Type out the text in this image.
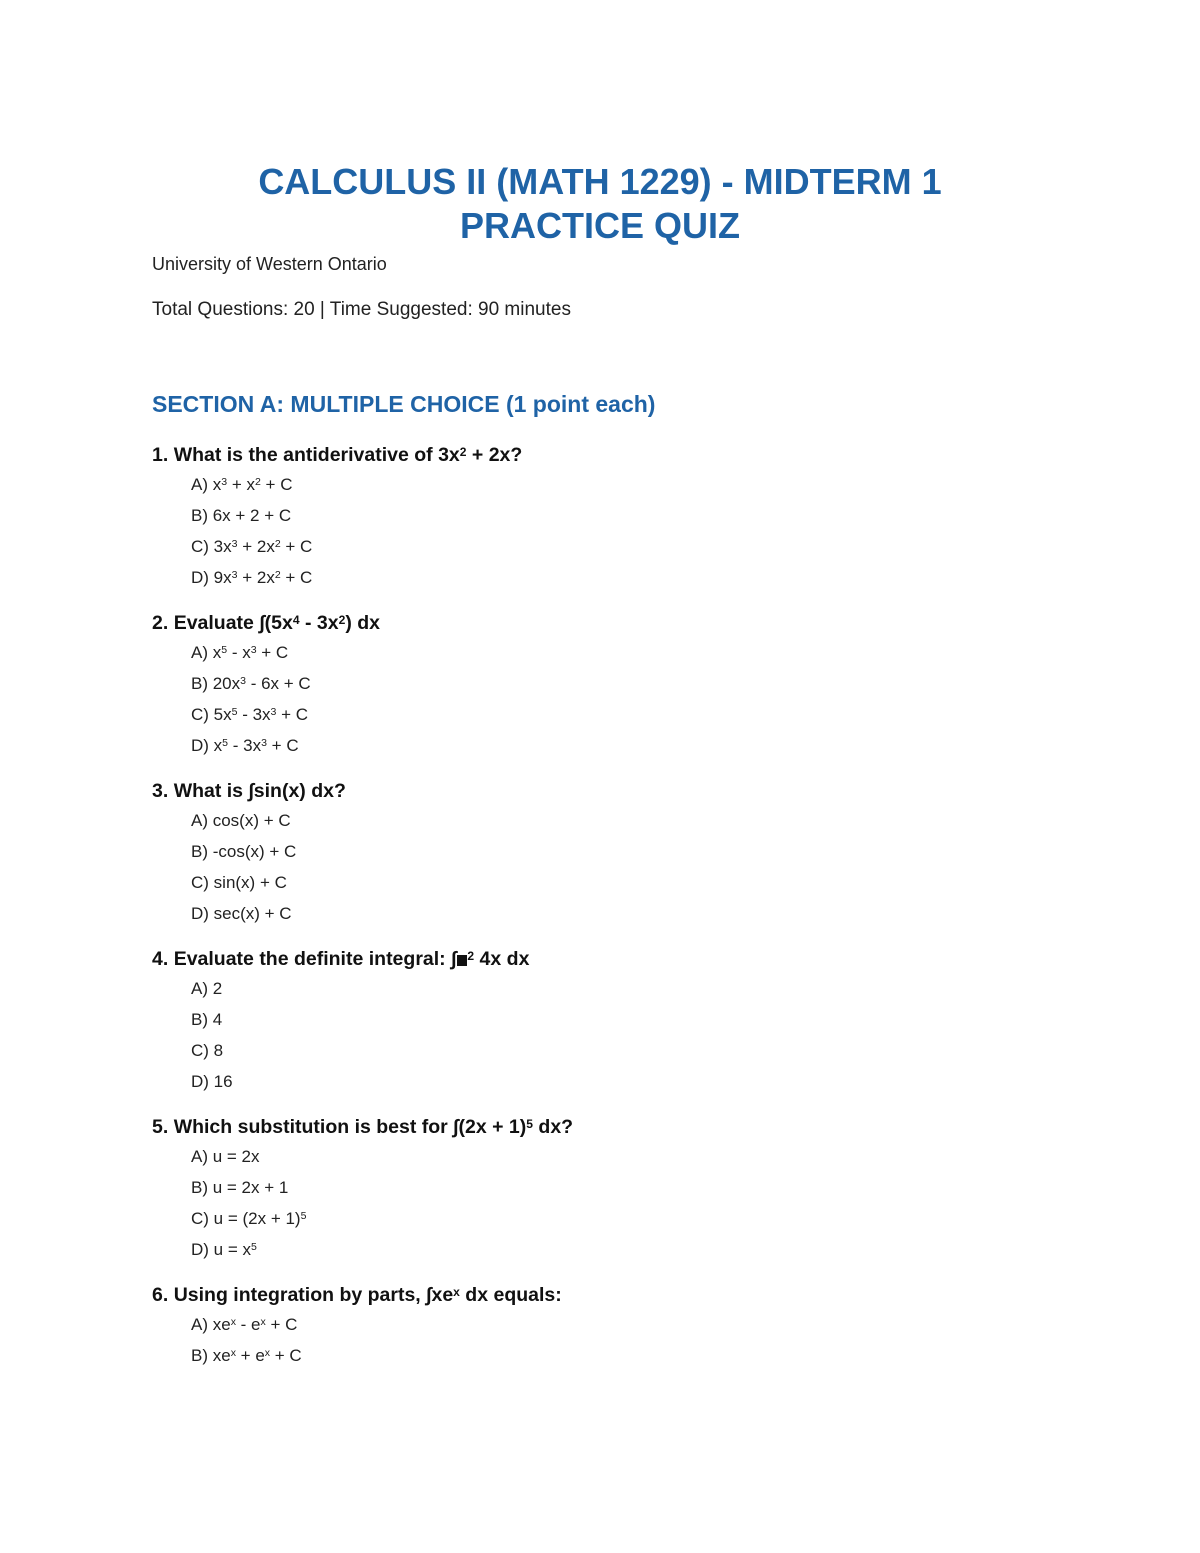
CALCULUS II (MATH 1229) - MIDTERM 1
PRACTICE QUIZ

University of Western Ontario

Total Questions: 20 | Time Suggested: 90 minutes

SECTION A: MULTIPLE CHOICE (1 point each)

1. What is the antiderivative of $3x^2 + 2x$?

A) $x^3 + x^2 + C$
B) 6x + 2 + C
C) $3x^3 + 2x^2 + C$
D) $9x^3 + 2x^2 + C$

2. Evaluate $\int(5x^4 - 3x^2)$ dx

A) $x^5 - x^3 + C$
B) $20x^3 - 6x + C$
C) $5x^5 - 3x^3 + C$
D) $x^5 - 3x^3 + C$

3. What is ∫sin(x) dx?

A) cos(x) + C
B) -cos(x) + C
C) sin(x) + C
D) sec(x) + C

4. Evaluate the definite integral: ∫ $^2$ 4x dx

A) 2
B) 4
C) 8
D) 16

5. Which substitution is best for $\int(2x + 1)^5$ dx?

A) u = 2x
B) u = 2x + 1
C) $u = (2x + 1)^5$
D) $u = x^5$

6. Using integration by parts, $\int xe^x$ dx equals:

A) $xe^x - e^x + C$
B) $xe^x + e^x + C$
